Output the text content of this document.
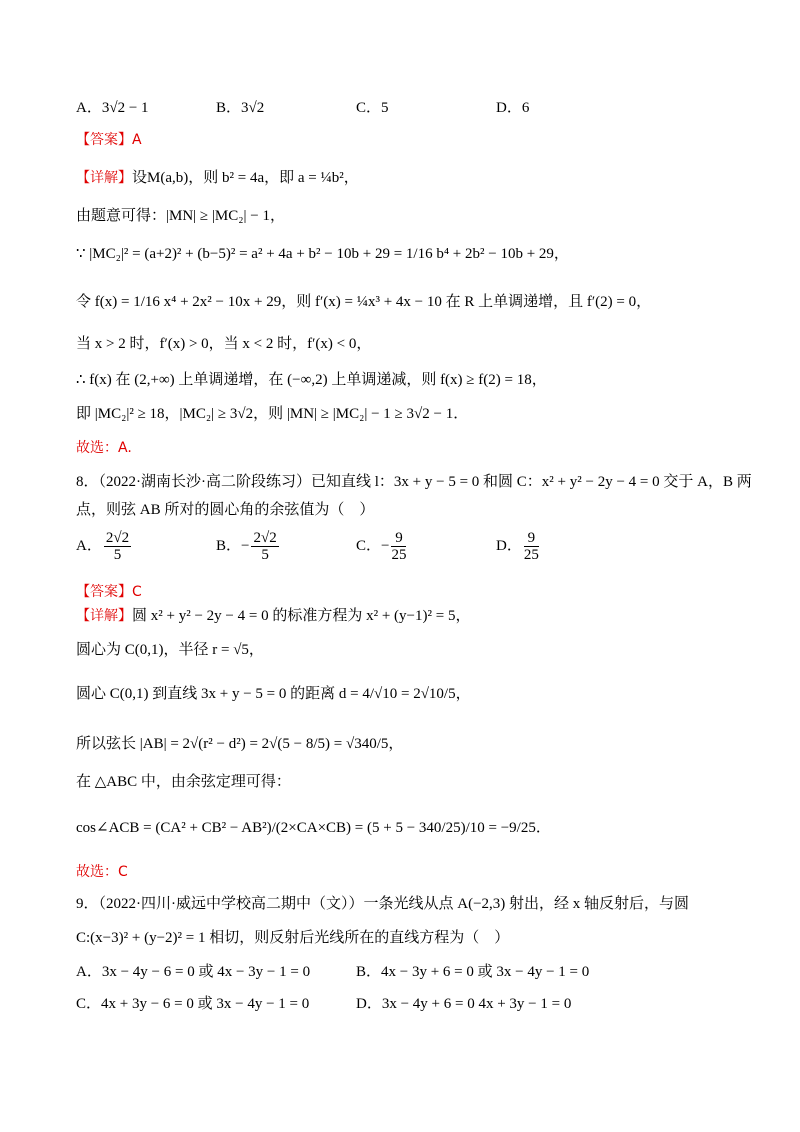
A．3√2 − 1	B．3√2	C．5	D．6
【答案】A
【详解】设M(a,b)，则 b² = 4a，即 a = ¼b²，
由题意可得：|MN| ≥ |MC₂| − 1，
∵ |MC₂|² = (a+2)² + (b−5)² = a² + 4a + b² − 10b + 29 = 1/16 b⁴ + 2b² − 10b + 29，
令 f(x) = 1/16 x⁴ + 2x² − 10x + 29，则 f′(x) = ¼x³ + 4x − 10 在 R 上单调递增，且 f′(2) = 0，
当 x > 2 时，f′(x) > 0，当 x < 2 时，f′(x) < 0，
∴ f(x) 在 (2,+∞) 上单调递增，在 (−∞,2) 上单调递减，则 f(x) ≥ f(2) = 18，
即 |MC₂|² ≥ 18，|MC₂| ≥ 3√2，则 |MN| ≥ |MC₂| − 1 ≥ 3√2 − 1．
故选：A.
8．（2022·湖南长沙·高二阶段练习）已知直线 l：3x + y − 5 = 0 和圆 C：x² + y² − 2y − 4 = 0 交于 A，B 两
点，则弦 AB 所对的圆心角的余弦值为（　）
A． $\frac{2√2}{5}$	B．− $\frac{2√2}{5}$	C．− $\frac{9}{25}$	D． $\frac{9}{25}$
【答案】C
【详解】圆 x² + y² − 2y − 4 = 0 的标准方程为 x² + (y−1)² = 5，
圆心为 C(0,1)，半径 r = √5，
圆心 C(0,1) 到直线 3x + y − 5 = 0 的距离 d = 4/√10 = 2√10/5，
所以弦长 |AB| = 2√(r² − d²) = 2√(5 − 8/5) = √340/5，
在 △ABC 中，由余弦定理可得：
cos∠ACB = (CA² + CB² − AB²)/(2×CA×CB) = (5 + 5 − 340/25)/10 = −9/25．
故选：C
9．（2022·四川·威远中学校高二期中（文））一条光线从点 A(−2,3) 射出，经 x 轴反射后，与圆
C:(x−3)² + (y−2)² = 1 相切，则反射后光线所在的直线方程为（　）
A．3x − 4y − 6 = 0 或 4x − 3y − 1 = 0	B．4x − 3y + 6 = 0 或 3x − 4y − 1 = 0
C．4x + 3y − 6 = 0 或 3x − 4y − 1 = 0	D．3x − 4y + 6 = 0 4x + 3y − 1 = 0
